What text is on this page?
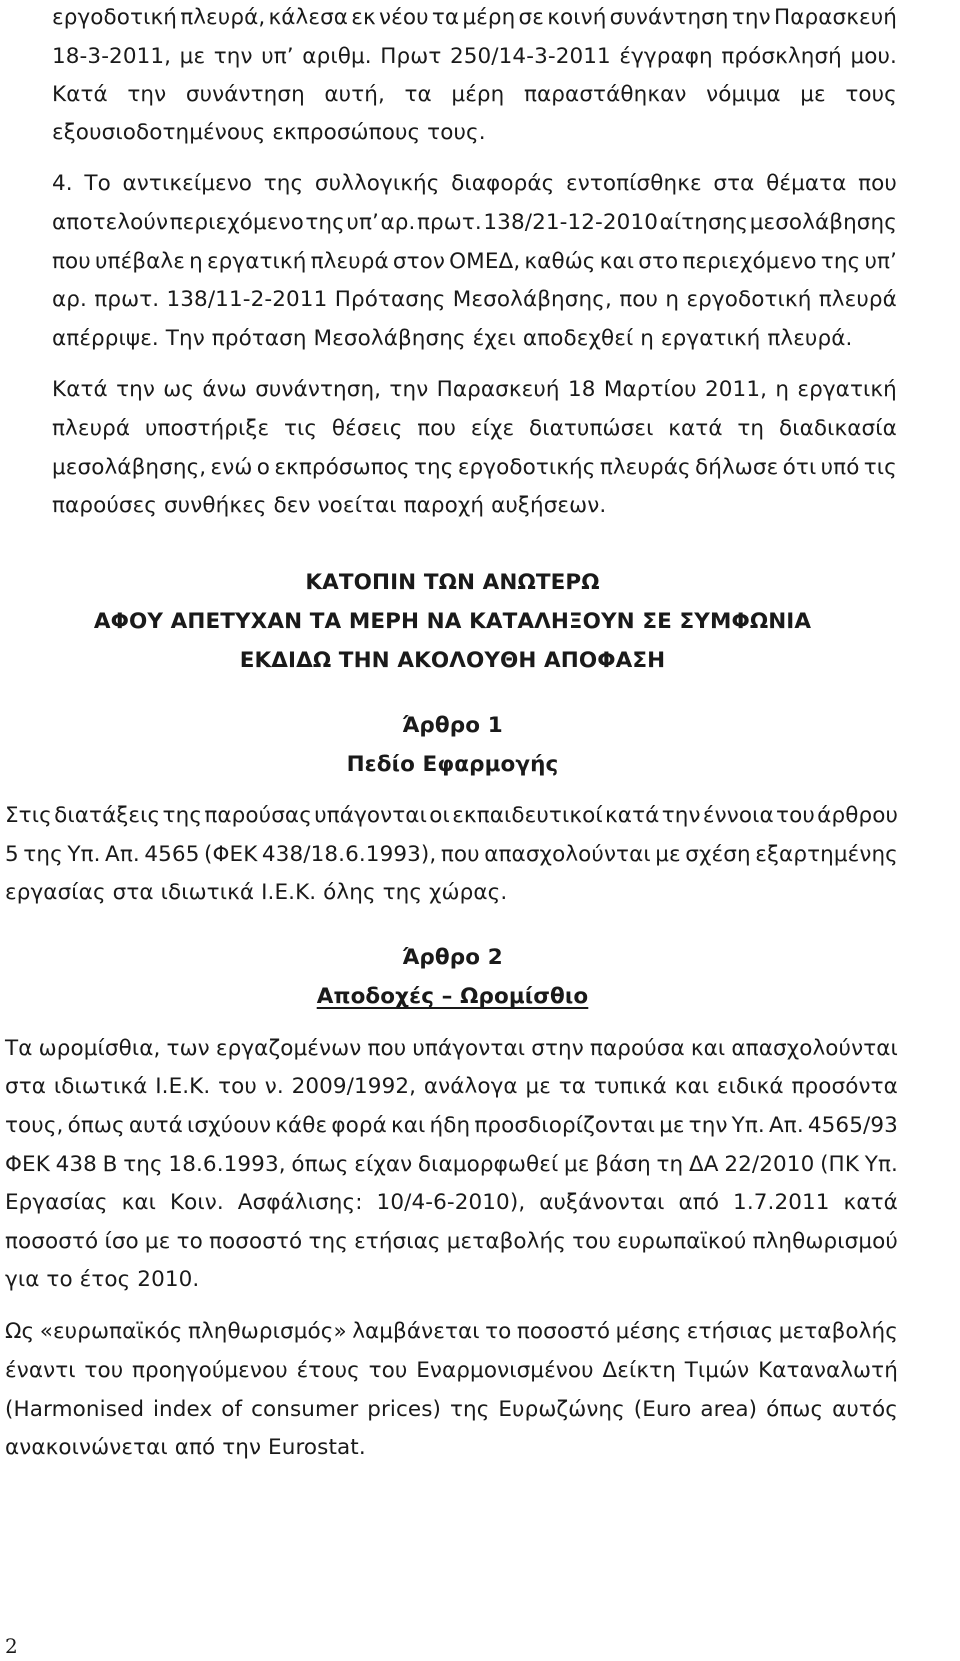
εργοδοτική πλευρά, κάλεσα εκ νέου τα μέρη σε κοινή συνάντηση την Παρασκευή
18-3-2011, με την υπ’ αριθμ. Πρωτ 250/14-3-2011 έγγραφη πρόσκλησή μου.
Κατά την συνάντηση αυτή, τα μέρη παραστάθηκαν νόμιμα με τους
εξουσιοδοτημένους εκπροσώπους τους.
4. Το αντικείμενο της συλλογικής διαφοράς εντοπίσθηκε στα θέματα που
αποτελούν περιεχόμενο της υπ’ αρ. πρωτ. 138/21-12-2010 αίτησης μεσολάβησης
που υπέβαλε η εργατική πλευρά στον ΟΜΕΔ, καθώς και στο περιεχόμενο της υπ’
αρ. πρωτ. 138/11-2-2011 Πρότασης Μεσολάβησης, που η εργοδοτική πλευρά
απέρριψε. Την πρόταση Μεσολάβησης έχει αποδεχθεί η εργατική πλευρά.
Κατά την ως άνω συνάντηση, την Παρασκευή 18 Μαρτίου 2011, η εργατική
πλευρά υποστήριξε τις θέσεις που είχε διατυπώσει κατά τη διαδικασία
μεσολάβησης, ενώ ο εκπρόσωπος της εργοδοτικής πλευράς δήλωσε ότι υπό τις
παρούσες συνθήκες δεν νοείται παροχή αυξήσεων.
ΚΑΤΟΠΙΝ ΤΩΝ ΑΝΩΤΕΡΩ
ΑΦΟΥ ΑΠΕΤΥΧΑΝ ΤΑ ΜΕΡΗ ΝΑ ΚΑΤΑΛΗΞΟΥΝ ΣΕ ΣΥΜΦΩΝΙΑ
ΕΚΔΙΔΩ ΤΗΝ ΑΚΟΛΟΥΘΗ ΑΠΟΦΑΣΗ
Άρθρο 1
Πεδίο Εφαρμογής
Στις διατάξεις της παρούσας υπάγονται οι εκπαιδευτικοί κατά την έννοια του άρθρου
5 της Υπ. Απ. 4565 (ΦΕΚ 438/18.6.1993), που απασχολούνται με σχέση εξαρτημένης
εργασίας στα ιδιωτικά Ι.Ε.Κ. όλης της χώρας.
Άρθρο 2
Αποδοχές – Ωρομίσθιο
Τα ωρομίσθια, των εργαζομένων που υπάγονται στην παρούσα και απασχολούνται
στα ιδιωτικά Ι.Ε.Κ. του ν. 2009/1992, ανάλογα με τα τυπικά και ειδικά προσόντα
τους, όπως αυτά ισχύουν κάθε φορά και ήδη προσδιορίζονται με την Υπ. Απ. 4565/93
ΦΕΚ 438 Β της 18.6.1993, όπως είχαν διαμορφωθεί με βάση τη ΔΑ 22/2010 (ΠΚ Υπ.
Εργασίας και Κοιν. Ασφάλισης: 10/4-6-2010), αυξάνονται από 1.7.2011 κατά
ποσοστό ίσο με το ποσοστό της ετήσιας μεταβολής του ευρωπαϊκού πληθωρισμού
για το έτος 2010.
Ως «ευρωπαϊκός πληθωρισμός» λαμβάνεται το ποσοστό μέσης ετήσιας μεταβολής
έναντι του προηγούμενου έτους του Εναρμονισμένου Δείκτη Τιμών Καταναλωτή
(Harmonised index of consumer prices) της Ευρωζώνης (Euro area) όπως αυτός
ανακοινώνεται από την Eurostat.
2
